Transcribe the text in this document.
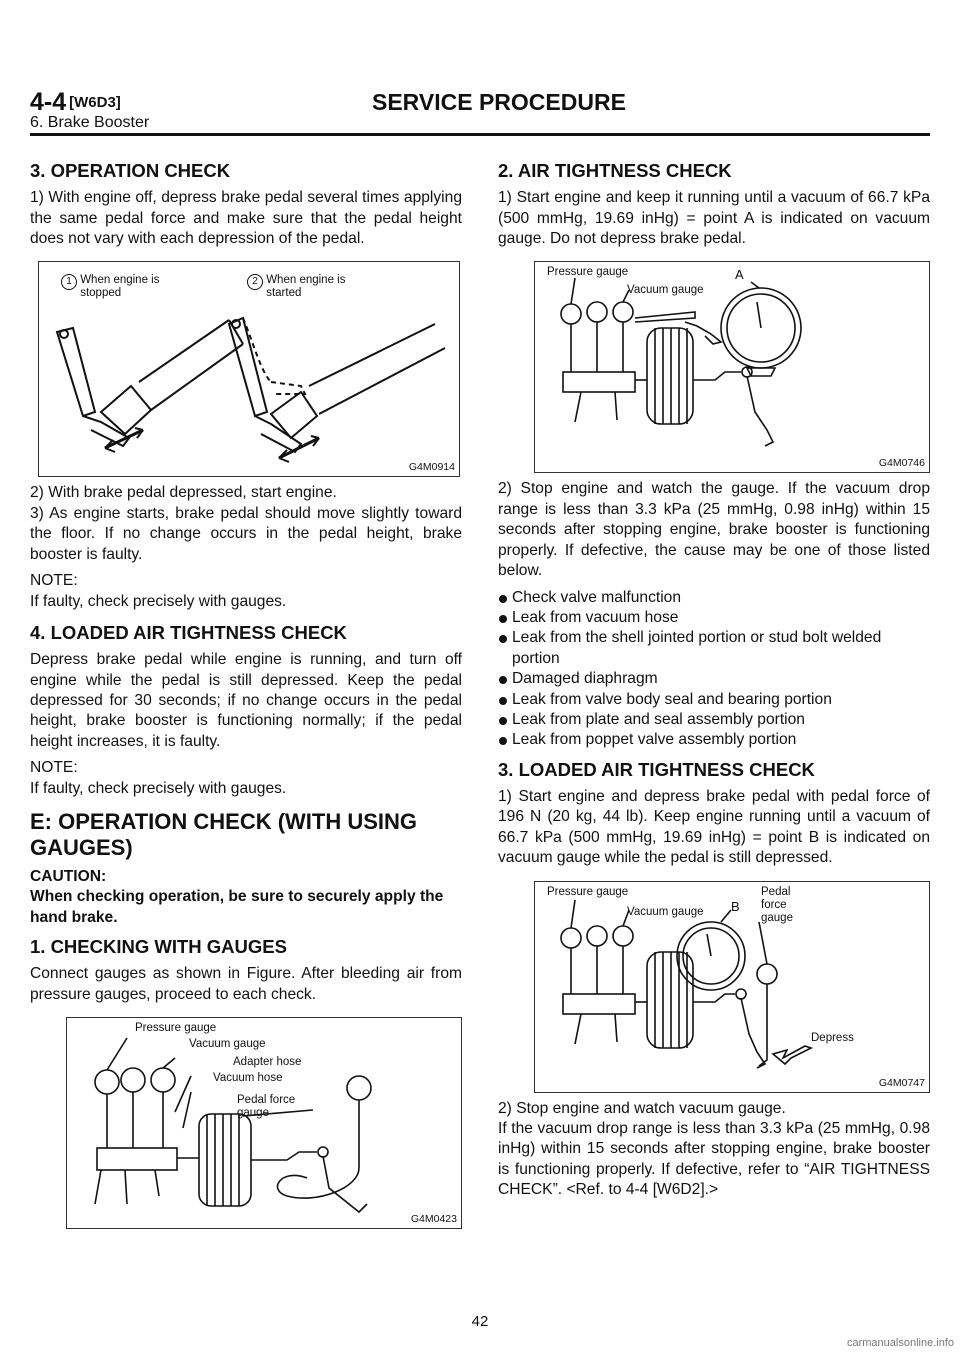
4-4 [W6D3]	SERVICE PROCEDURE
6. Brake Booster
3. OPERATION CHECK

1) With engine off, depress brake pedal several times applying the same pedal force and make sure that the pedal height does not vary with each depression of the pedal.

1 When engine is
stopped
2 When engine is
started
G4M0914

2) With brake pedal depressed, start engine.

3) As engine starts, brake pedal should move slightly toward the floor. If no change occurs in the pedal height, brake booster is faulty.

NOTE:

If faulty, check precisely with gauges.

4. LOADED AIR TIGHTNESS CHECK

Depress brake pedal while engine is running, and turn off engine while the pedal is still depressed. Keep the pedal depressed for 30 seconds; if no change occurs in the pedal height, brake booster is functioning normally; if the pedal height increases, it is faulty.

NOTE:

If faulty, check precisely with gauges.

E: OPERATION CHECK (WITH USING GAUGES)
CAUTION:
When checking operation, be sure to securely apply the hand brake.
1. CHECKING WITH GAUGES

Connect gauges as shown in Figure. After bleeding air from pressure gauges, proceed to each check.

Pressure gauge
Vacuum gauge
Adapter hose
Vacuum hose
Pedal force
gauge
G4M0423
2. AIR TIGHTNESS CHECK

1) Start engine and keep it running until a vacuum of 66.7 kPa (500 mmHg, 19.69 inHg) = point A is indicated on vacuum gauge. Do not depress brake pedal.

Pressure gauge
Vacuum gauge
A
G4M0746

2) Stop engine and watch the gauge. If the vacuum drop range is less than 3.3 kPa (25 mmHg, 0.98 inHg) within 15 seconds after stopping engine, brake booster is functioning properly. If defective, the cause may be one of those listed below.

Check valve malfunction
Leak from vacuum hose
Leak from the shell jointed portion or stud bolt welded portion
Damaged diaphragm
Leak from valve body seal and bearing portion
Leak from plate and seal assembly portion
Leak from poppet valve assembly portion
3. LOADED AIR TIGHTNESS CHECK

1) Start engine and depress brake pedal with pedal force of 196 N (20 kg, 44 lb). Keep engine running until a vacuum of 66.7 kPa (500 mmHg, 19.69 inHg) = point B is indicated on vacuum gauge while the pedal is still depressed.

Pressure gauge
Vacuum gauge B
Pedal
force
gauge
Depress
G4M0747

2) Stop engine and watch vacuum gauge.

If the vacuum drop range is less than 3.3 kPa (25 mmHg, 0.98 inHg) within 15 seconds after stopping engine, brake booster is functioning properly. If defective, refer to “AIR TIGHTNESS CHECK”. <Ref. to 4-4 [W6D2].>

42
carmanualsonline.info
